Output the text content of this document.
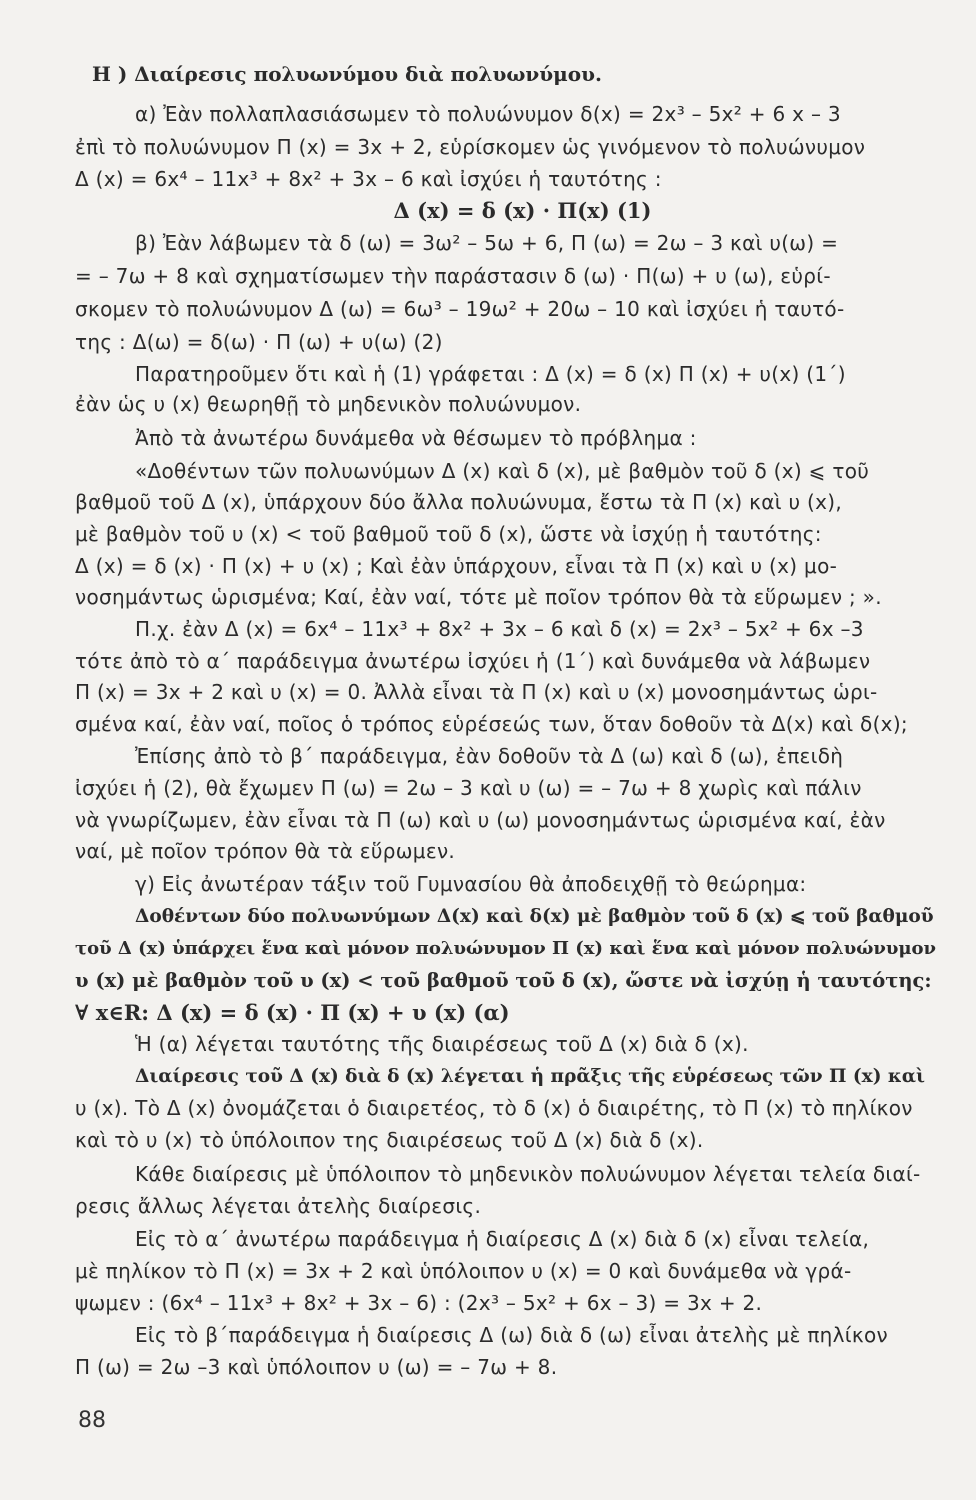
Η ) Διαίρεσις πολυωνύμου διὰ πολυωνύμου.
α) Ἐὰν πολλαπλασιάσωμεν τὸ πολυώνυμον δ(x) = 2x³ – 5x² + 6 x – 3
ἐπὶ τὸ πολυώνυμον Π (x) = 3x + 2, εὑρίσκομεν ὡς γινόμενον τὸ πολυώνυμον
Δ (x) = 6x⁴ – 11x³ + 8x² + 3x – 6 καὶ ἰσχύει ἡ ταυτότης :
Δ (x) = δ (x) · Π(x) (1)
β) Ἐὰν λάβωμεν τὰ δ (ω) = 3ω² – 5ω + 6, Π (ω) = 2ω – 3 καὶ υ(ω) =
= – 7ω + 8 καὶ σχηματίσωμεν τὴν παράστασιν δ (ω) · Π(ω) + υ (ω), εὑρί-
σκομεν τὸ πολυώνυμον Δ (ω) = 6ω³ – 19ω² + 20ω – 10 καὶ ἰσχύει ἡ ταυτό-
της : Δ(ω) = δ(ω) · Π (ω) + υ(ω) (2)
Παρατηροῦμεν ὅτι καὶ ἡ (1) γράφεται : Δ (x) = δ (x) Π (x) + υ(x) (1΄)
ἐὰν ὡς υ (x) θεωρηθῇ τὸ μηδενικὸν πολυώνυμον.
Ἀπὸ τὰ ἀνωτέρω δυνάμεθα νὰ θέσωμεν τὸ πρόβλημα :
«Δοθέντων τῶν πολυωνύμων Δ (x) καὶ δ (x), μὲ βαθμὸν τοῦ δ (x) ⩽ τοῦ
βαθμοῦ τοῦ Δ (x), ὑπάρχουν δύο ἄλλα πολυώνυμα, ἔστω τὰ Π (x) καὶ υ (x),
μὲ βαθμὸν τοῦ υ (x) < τοῦ βαθμοῦ τοῦ δ (x), ὥστε νὰ ἰσχύῃ ἡ ταυτότης:
Δ (x) = δ (x) · Π (x) + υ (x) ; Καὶ ἐὰν ὑπάρχουν, εἶναι τὰ Π (x) καὶ υ (x) μο-
νοσημάντως ὡρισμένα; Καί, ἐὰν ναί, τότε μὲ ποῖον τρόπον θὰ τὰ εὕρωμεν ; ».
Π.χ. ἐὰν Δ (x) = 6x⁴ – 11x³ + 8x² + 3x – 6 καὶ δ (x) = 2x³ – 5x² + 6x –3
τότε ἀπὸ τὸ α΄ παράδειγμα ἀνωτέρω ἰσχύει ἡ (1΄) καὶ δυνάμεθα νὰ λάβωμεν
Π (x) = 3x + 2 καὶ υ (x) = 0. Ἀλλὰ εἶναι τὰ Π (x) καὶ υ (x) μονοσημάντως ὡρι-
σμένα καί, ἐὰν ναί, ποῖος ὁ τρόπος εὑρέσεώς των, ὅταν δοθοῦν τὰ Δ(x) καὶ δ(x);
Ἐπίσης ἀπὸ τὸ β΄ παράδειγμα, ἐὰν δοθοῦν τὰ Δ (ω) καὶ δ (ω), ἐπειδὴ
ἰσχύει ἡ (2), θὰ ἔχωμεν Π (ω) = 2ω – 3 καὶ υ (ω) = – 7ω + 8 χωρὶς καὶ πάλιν
νὰ γνωρίζωμεν, ἐὰν εἶναι τὰ Π (ω) καὶ υ (ω) μονοσημάντως ὡρισμένα καί, ἐὰν
ναί, μὲ ποῖον τρόπον θὰ τὰ εὕρωμεν.
γ) Εἰς ἀνωτέραν τάξιν τοῦ Γυμνασίου θὰ ἀποδειχθῇ τὸ θεώρημα:
Δοθέντων δύο πολυωνύμων Δ(x) καὶ δ(x) μὲ βαθμὸν τοῦ δ (x) ⩽ τοῦ βαθμοῦ
τοῦ Δ (x) ὑπάρχει ἕνα καὶ μόνον πολυώνυμον Π (x) καὶ ἕνα καὶ μόνον πολυώνυμον
υ (x) μὲ βαθμὸν τοῦ υ (x) < τοῦ βαθμοῦ τοῦ δ (x), ὥστε νὰ ἰσχύῃ ἡ ταυτότης:
∀ x∈R: Δ (x) = δ (x) · Π (x) + υ (x) (α)
Ἡ (α) λέγεται ταυτότης τῆς διαιρέσεως τοῦ Δ (x) διὰ δ (x).
Διαίρεσις τοῦ Δ (x) διὰ δ (x) λέγεται ἡ πρᾶξις τῆς εὑρέσεως τῶν Π (x) καὶ
υ (x). Τὸ Δ (x) ὀνομάζεται ὁ διαιρετέος, τὸ δ (x) ὁ διαιρέτης, τὸ Π (x) τὸ πηλίκον
καὶ τὸ υ (x) τὸ ὑπόλοιπον της διαιρέσεως τοῦ Δ (x) διὰ δ (x).
Κάθε διαίρεσις μὲ ὑπόλοιπον τὸ μηδενικὸν πολυώνυμον λέγεται τελεία διαί-
ρεσις ἄλλως λέγεται ἀτελὴς διαίρεσις.
Εἰς τὸ α΄ ἀνωτέρω παράδειγμα ἡ διαίρεσις Δ (x) διὰ δ (x) εἶναι τελεία,
μὲ πηλίκον τὸ Π (x) = 3x + 2 καὶ ὑπόλοιπον υ (x) = 0 καὶ δυνάμεθα νὰ γρά-
ψωμεν : (6x⁴ – 11x³ + 8x² + 3x – 6) : (2x³ – 5x² + 6x – 3) = 3x + 2.
Εἰς τὸ β΄παράδειγμα ἡ διαίρεσις Δ (ω) διὰ δ (ω) εἶναι ἀτελὴς μὲ πηλίκον
Π (ω) = 2ω –3 καὶ ὑπόλοιπον υ (ω) = – 7ω + 8.
88
